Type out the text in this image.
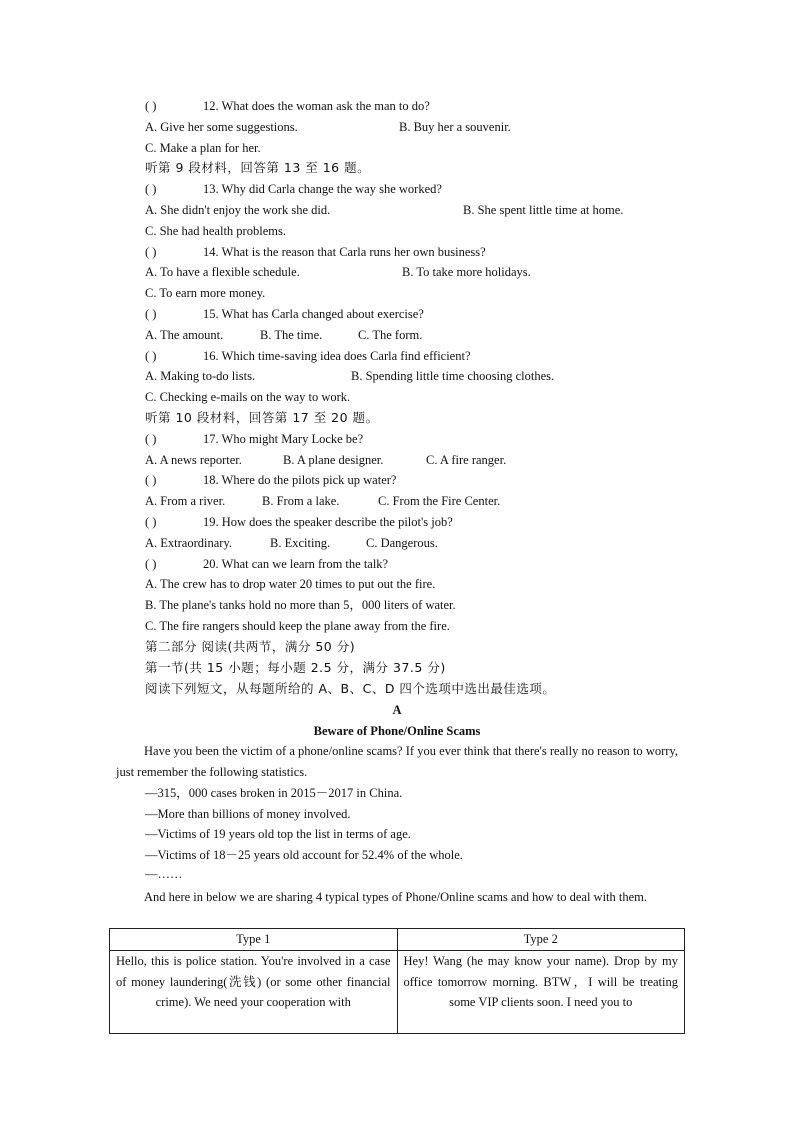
( )	12. What does the woman ask the man to do?
A. Give her some suggestions.	B. Buy her a souvenir.
C. Make a plan for her.
听第 9 段材料，回答第 13 至 16 题。
( )	13. Why did Carla change the way she worked?
A. She didn't enjoy the work she did.	B. She spent little time at home.
C. She had health problems.
( )	14. What is the reason that Carla runs her own business?
A. To have a flexible schedule.	B. To take more holidays.
C. To earn more money.
( )	15. What has Carla changed about exercise?
A. The amount.	B. The time.	C. The form.
( )	16. Which time-saving idea does Carla find efficient?
A. Making to-do lists.	B. Spending little time choosing clothes.
C. Checking e-mails on the way to work.
听第 10 段材料，回答第 17 至 20 题。
( )	17. Who might Mary Locke be?
A. A news reporter.	B. A plane designer.	C. A fire ranger.
( )	18. Where do the pilots pick up water?
A. From a river.	B. From a lake.	C. From the Fire Center.
( )	19. How does the speaker describe the pilot's job?
A. Extraordinary.	B. Exciting.	C. Dangerous.
( )	20. What can we learn from the talk?
A. The crew has to drop water 20 times to put out the fire.
B. The plane's tanks hold no more than 5，000 liters of water.
C. The fire rangers should keep the plane away from the fire.
第二部分 阅读(共两节，满分 50 分)
第一节(共 15 小题；每小题 2.5 分，满分 37.5 分)
阅读下列短文，从每题所给的 A、B、C、D 四个选项中选出最佳选项。
A
Beware of Phone/Online Scams
Have you been the victim of a phone/online scams? If you ever think that there's really no reason to worry, just remember the following statistics.
—315，000 cases broken in 2015－2017 in China.
—More than billions of money involved.
—Victims of 19 years old top the list in terms of age.
—Victims of 18－25 years old account for 52.4% of the whole.
—……
And here in below we are sharing 4 typical types of Phone/Online scams and how to deal with them.
Type 1	Type 2

Hello, this is police station. You're involved in a case of money laundering(洗钱) (or some other financial crime). We need your cooperation with	Hey! Wang (he may know your name). Drop by my office tomorrow morning. BTW，I will be treating some VIP clients soon. I need you to
